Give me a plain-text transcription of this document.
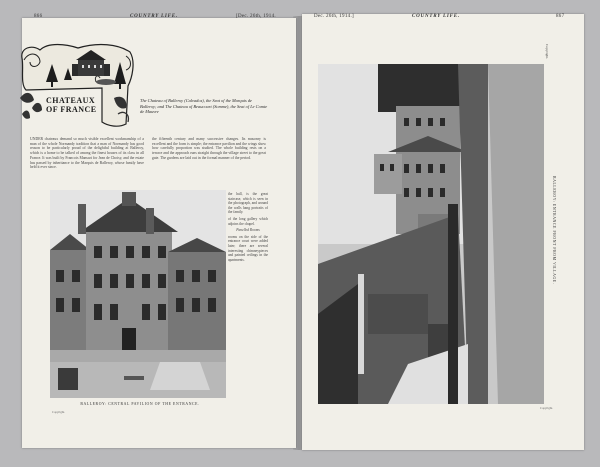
866	COUNTRY LIFE.	[Dec. 26th, 1914.
CHATEAUX
OF FRANCE
The Chateau of Balleroy (Calvados), the Seat of the Marquis de Balleroy; and The Chateau of Beaucourt (Somme), the Seat of Le Comte de Mauvre

UNDER chateaux demand so much visible excellent workmanship of a man of the whole Normandy tradition that a man of Normandy has good reason to be particularly proud of the delightful building at Balleroy, which is a home to be talked of among the finest houses of its class in all France. It was built by Francois Mansart for Jean de Choisy, and the estate has passed by inheritance to the Marquis de Balleroy, whose family have held it ever since.

the fifteenth century and many successive changes. Its masonry is excellent and the form is simple; the entrance pavilion and the wings show how carefully proportion was studied. The whole building rests on a terrace and the approach runs straight through the village street to the great gate. The gardens are laid out in the formal manner of the period.

BALLEROY: CENTRAL PAVILION OF THE ENTRANCE.
Copyright.

the hall, is the great staircase, which is seen in the photograph, and around the walls hang portraits of the family.

of the long gallery which adjoins the chapel.

Panelled Rooms

rooms on the side of the entrance court were added later; there are several interesting chimneypieces and painted ceilings in the apartments.

Dec. 26th, 1914.]	COUNTRY LIFE.	867
BALLEROY: ENTRANCE FRONT FROM VILLAGE.
Copyright.
Copyright.
